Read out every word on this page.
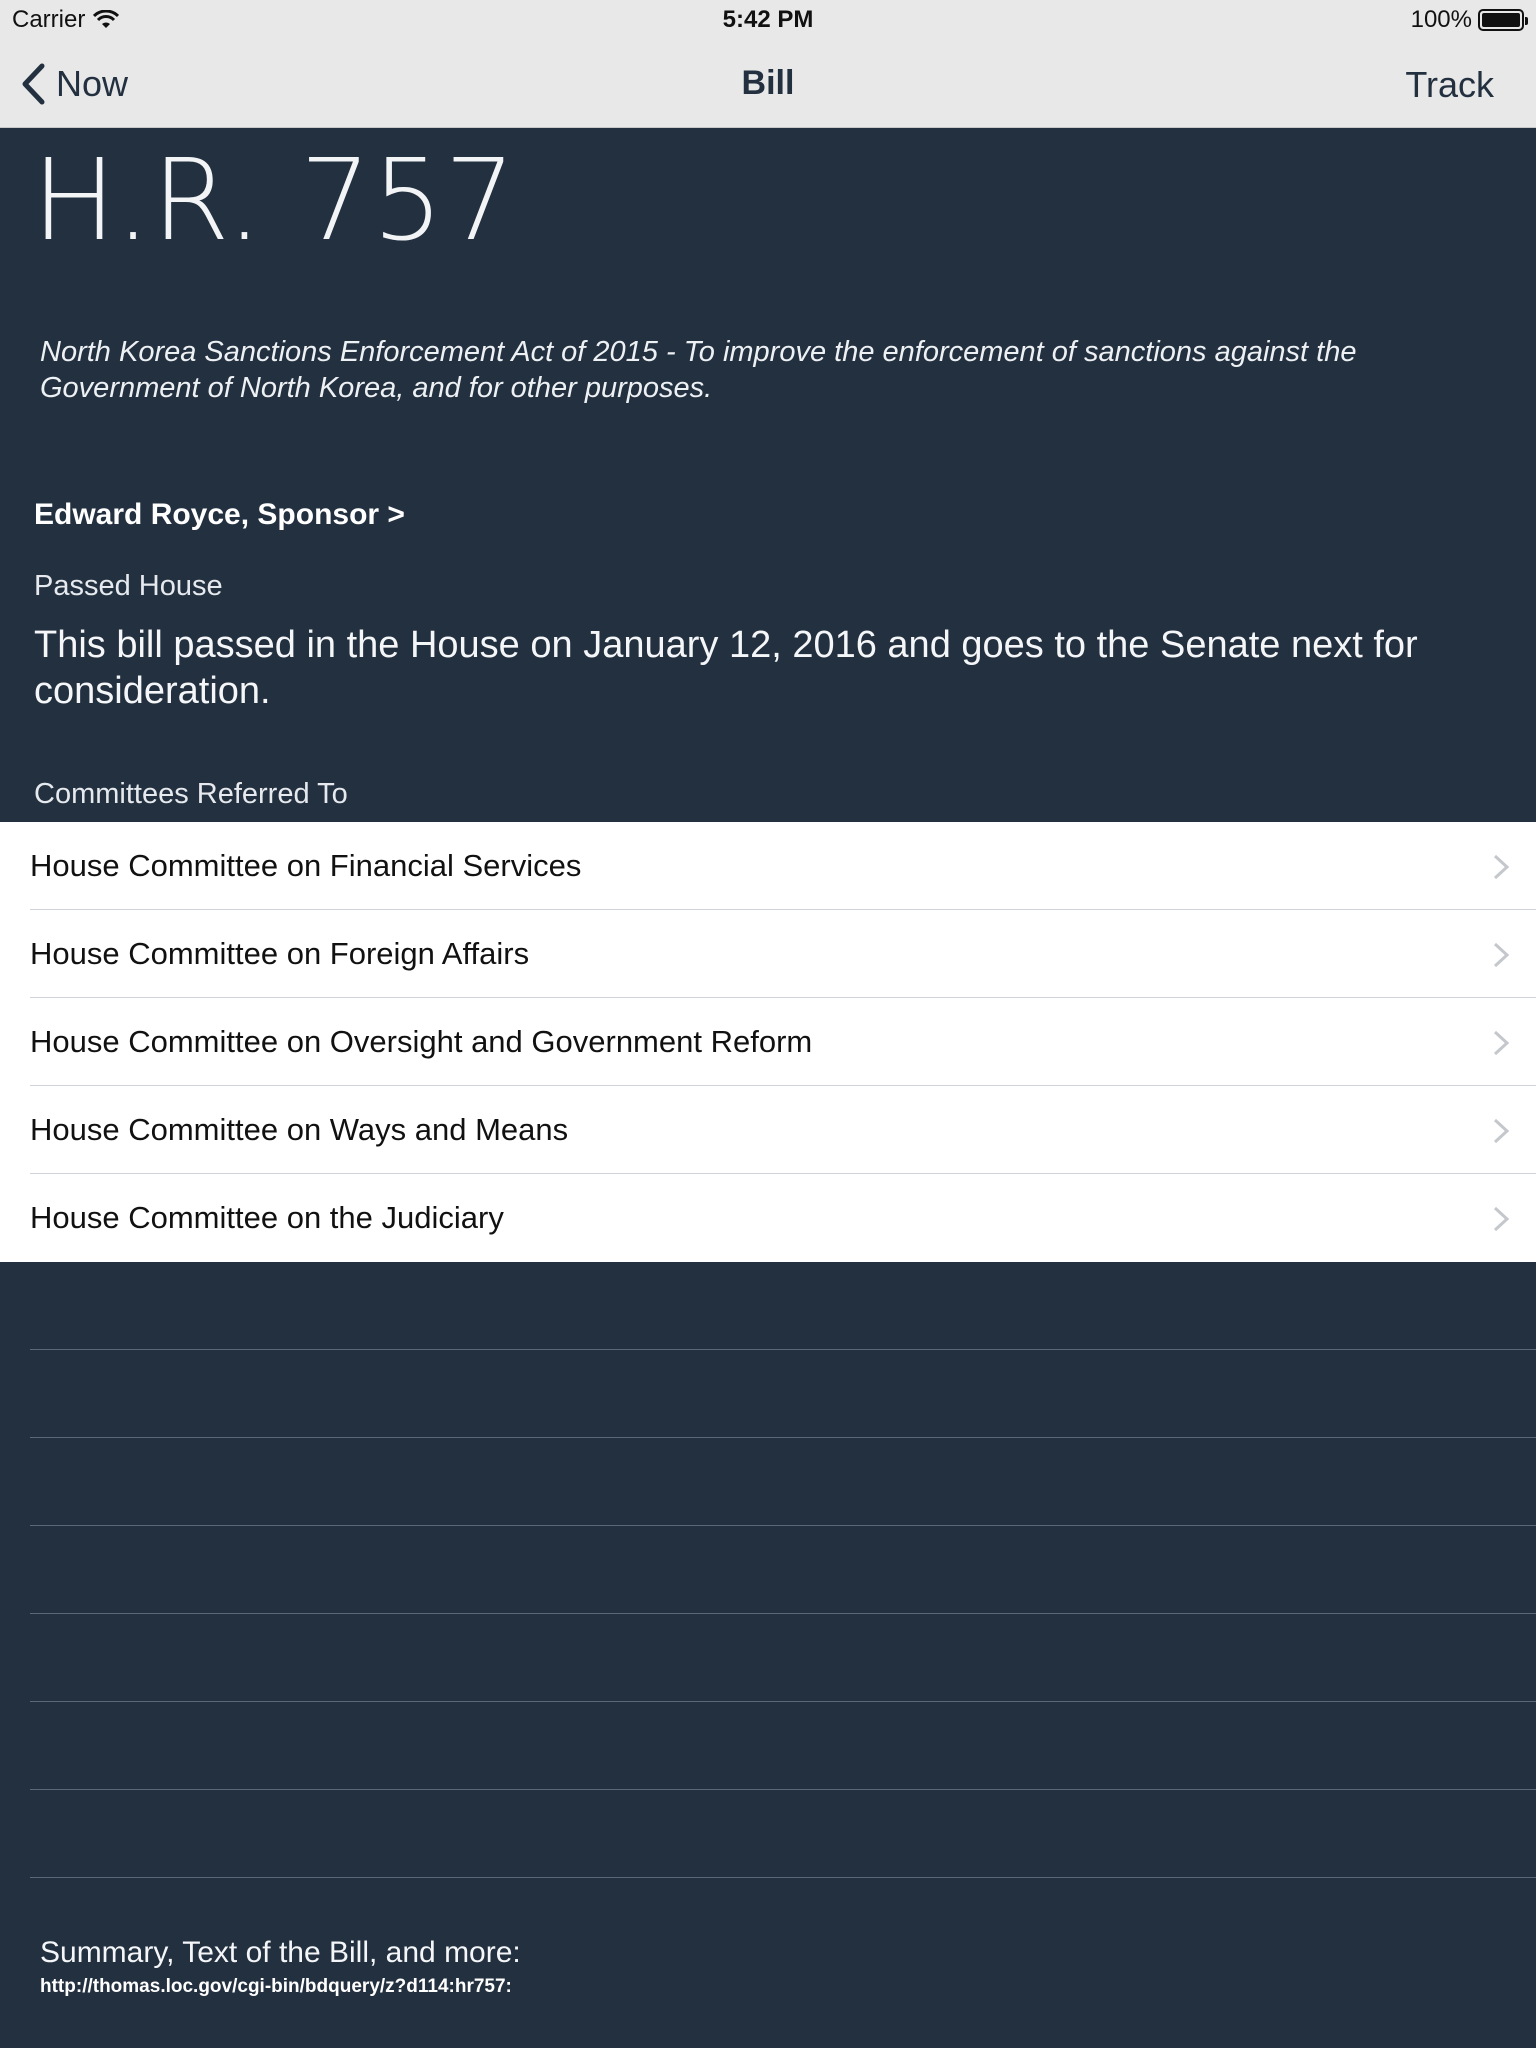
Carrier	5:42 PM	100%
Now	Bill	Track
H.R. 757
North Korea Sanctions Enforcement Act of 2015 - To improve the enforcement of sanctions against the Government of North Korea, and for other purposes.
Edward Royce, Sponsor >
Passed House
This bill passed in the House on January 12, 2016 and goes to the Senate next for consideration.
Committees Referred To
House Committee on Financial Services
House Committee on Foreign Affairs
House Committee on Oversight and Government Reform
House Committee on Ways and Means
House Committee on the Judiciary
Summary, Text of the Bill, and more:
http://thomas.loc.gov/cgi-bin/bdquery/z?d114:hr757:
